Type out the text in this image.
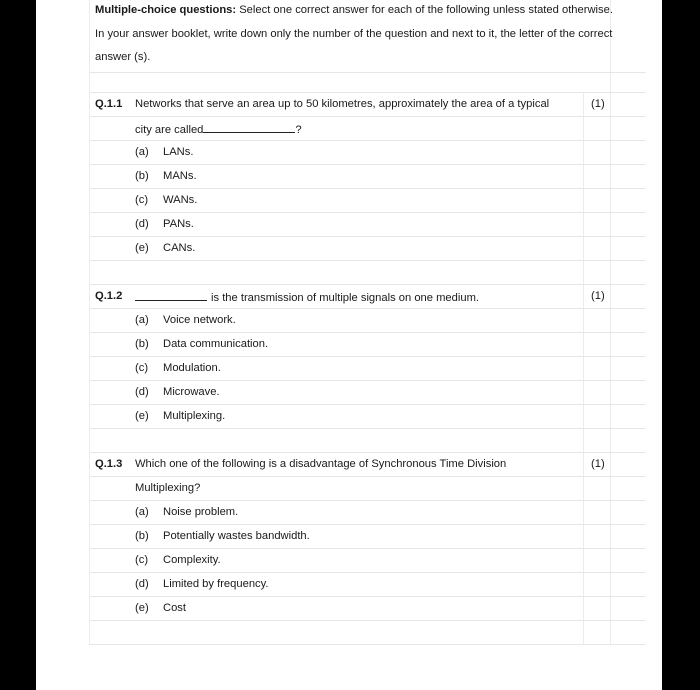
Multiple-choice questions: Select one correct answer for each of the following unless stated otherwise. In your answer booklet, write down only the number of the question and next to it, the letter of the correct answer (s).
Q.1.1 Networks that serve an area up to 50 kilometres, approximately the area of a typical	(1)
city are called	?
(a) LANs.
(b) MANs.
(c) WANs.
(d) PANs.
(e) CANs.
Q.1.2	is the transmission of multiple signals on one medium.	(1)
(a) Voice network.
(b) Data communication.
(c) Modulation.
(d) Microwave.
(e) Multiplexing.
Q.1.3 Which one of the following is a disadvantage of Synchronous Time Division	(1)
Multiplexing?
(a) Noise problem.
(b) Potentially wastes bandwidth.
(c) Complexity.
(d) Limited by frequency.
(e) Cost
